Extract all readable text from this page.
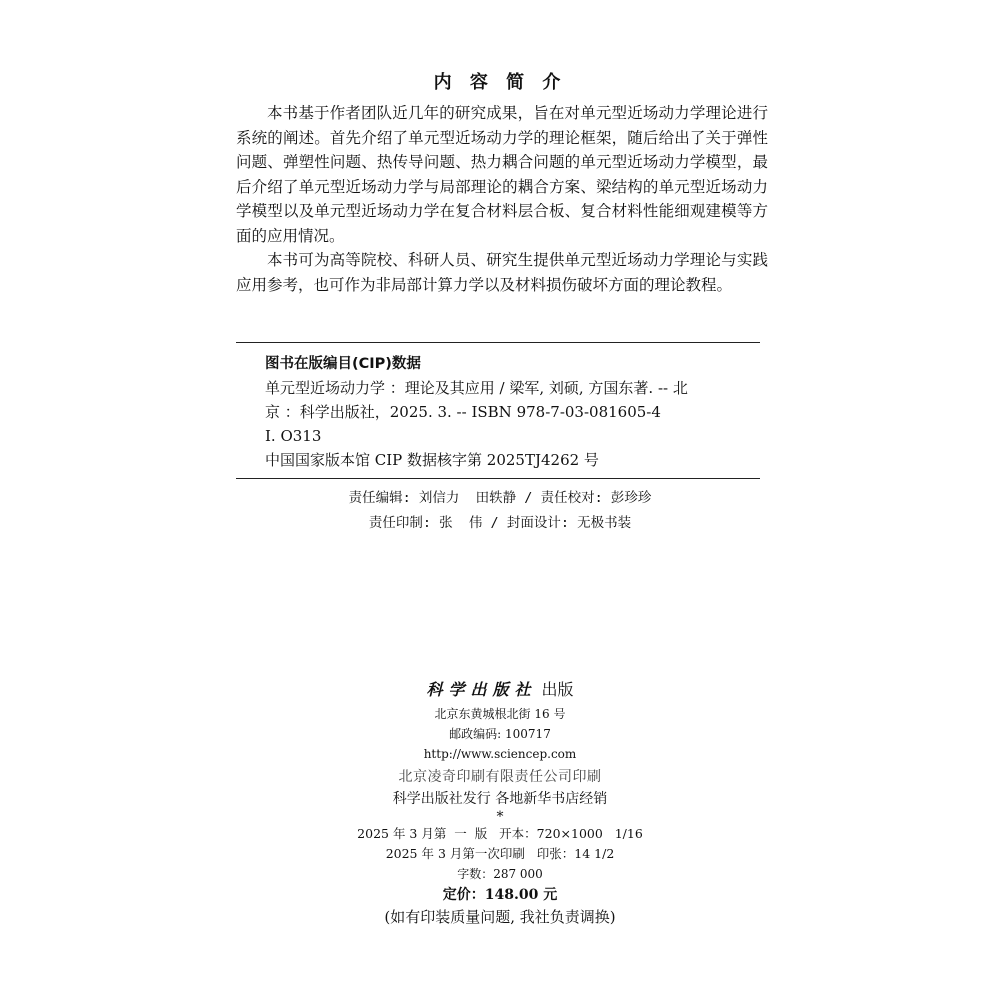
内 容 简 介

本书基于作者团队近几年的研究成果，旨在对单元型近场动力学理论进行系统的阐述。首先介绍了单元型近场动力学的理论框架，随后给出了关于弹性问题、弹塑性问题、热传导问题、热力耦合问题的单元型近场动力学模型，最后介绍了单元型近场动力学与局部理论的耦合方案、梁结构的单元型近场动力学模型以及单元型近场动力学在复合材料层合板、复合材料性能细观建模等方面的应用情况。

本书可为高等院校、科研人员、研究生提供单元型近场动力学理论与实践应用参考，也可作为非局部计算力学以及材料损伤破坏方面的理论教程。

图书在版编目(CIP)数据
单元型近场动力学 ：理论及其应用 / 梁军, 刘硕, 方国东著. -- 北
京 ：科学出版社，2025. 3. -- ISBN 978-7-03-081605-4
Ⅰ. O313
中国国家版本馆 CIP 数据核字第 2025TJ4262 号
责任编辑: 刘信力  田轶静 / 责任校对: 彭珍珍
责任印制: 张  伟 / 封面设计: 无极书装
科学出版社 出版
北京东黄城根北街 16 号
邮政编码: 100717
http://www.sciencep.com
北京凌奇印刷有限责任公司印刷
科学出版社发行 各地新华书店经销
*
2025 年 3 月第  一  版   开本：720×1000   1/16
2025 年 3 月第一次印刷   印张：14 1/2
字数：287 000
定价：148.00 元
(如有印装质量问题, 我社负责调换)
